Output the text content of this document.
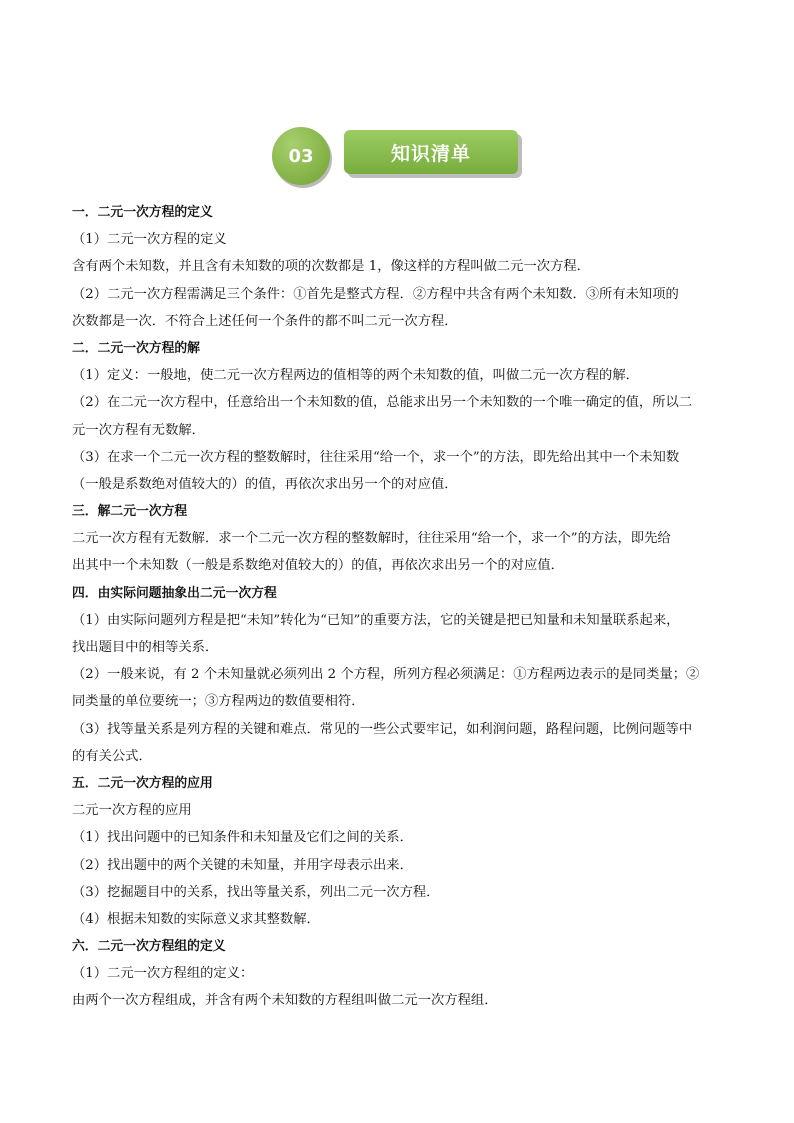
03	知识清单
一．二元一次方程的定义
（1）二元一次方程的定义
含有两个未知数，并且含有未知数的项的次数都是 1，像这样的方程叫做二元一次方程．
（2）二元一次方程需满足三个条件：①首先是整式方程．②方程中共含有两个未知数．③所有未知项的
次数都是一次．不符合上述任何一个条件的都不叫二元一次方程．
二．二元一次方程的解
（1）定义：一般地，使二元一次方程两边的值相等的两个未知数的值，叫做二元一次方程的解．
（2）在二元一次方程中，任意给出一个未知数的值，总能求出另一个未知数的一个唯一确定的值，所以二
元一次方程有无数解．
（3）在求一个二元一次方程的整数解时，往往采用“给一个，求一个”的方法，即先给出其中一个未知数
（一般是系数绝对值较大的）的值，再依次求出另一个的对应值．
三．解二元一次方程
二元一次方程有无数解．求一个二元一次方程的整数解时，往往采用“给一个，求一个”的方法，即先给
出其中一个未知数（一般是系数绝对值较大的）的值，再依次求出另一个的对应值．
四．由实际问题抽象出二元一次方程
（1）由实际问题列方程是把“未知”转化为“已知”的重要方法，它的关键是把已知量和未知量联系起来，
找出题目中的相等关系．
（2）一般来说，有 2 个未知量就必须列出 2 个方程，所列方程必须满足：①方程两边表示的是同类量；②
同类量的单位要统一；③方程两边的数值要相符．
（3）找等量关系是列方程的关键和难点．常见的一些公式要牢记，如利润问题，路程问题，比例问题等中
的有关公式．
五．二元一次方程的应用
二元一次方程的应用
（1）找出问题中的已知条件和未知量及它们之间的关系．
（2）找出题中的两个关键的未知量，并用字母表示出来．
（3）挖掘题目中的关系，找出等量关系，列出二元一次方程．
（4）根据未知数的实际意义求其整数解．
六．二元一次方程组的定义
（1）二元一次方程组的定义：
由两个一次方程组成，并含有两个未知数的方程组叫做二元一次方程组．
